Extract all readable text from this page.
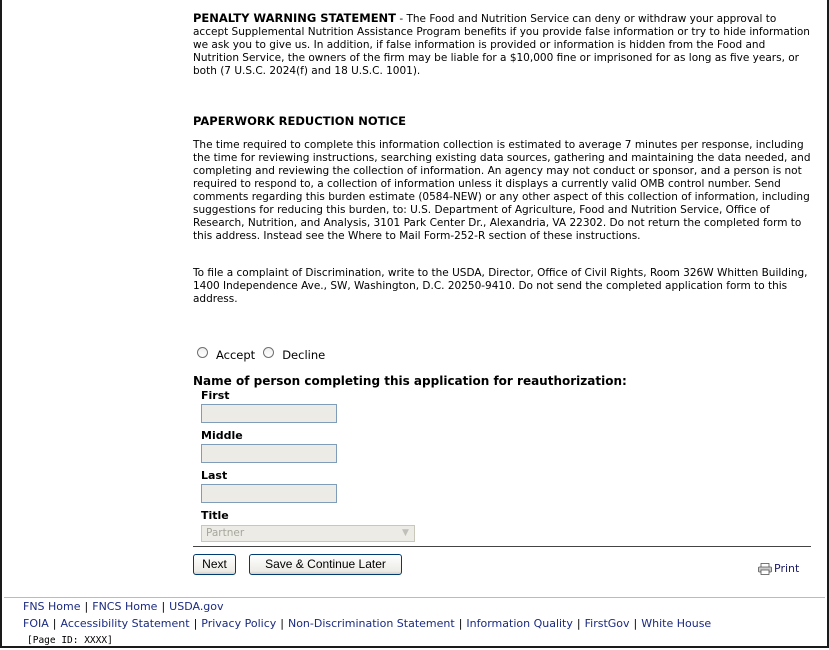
PENALTY WARNING STATEMENT - The Food and Nutrition Service can deny or withdraw your approval to accept Supplemental Nutrition Assistance Program benefits if you provide false information or try to hide information we ask you to give us. In addition, if false information is provided or information is hidden from the Food and Nutrition Service, the owners of the firm may be liable for a $10,000 fine or imprisoned for as long as five years, or both (7 U.S.C. 2024(f) and 18 U.S.C. 1001).

PAPERWORK REDUCTION NOTICE

The time required to complete this information collection is estimated to average 7 minutes per response, including the time for reviewing instructions, searching existing data sources, gathering and maintaining the data needed, and completing and reviewing the collection of information. An agency may not conduct or sponsor, and a person is not required to respond to, a collection of information unless it displays a currently valid OMB control number. Send comments regarding this burden estimate (0584-NEW) or any other aspect of this collection of information, including suggestions for reducing this burden, to: U.S. Department of Agriculture, Food and Nutrition Service, Office of Research, Nutrition, and Analysis, 3101 Park Center Dr., Alexandria, VA 22302. Do not return the completed form to this address. Instead see the Where to Mail Form-252-R section of these instructions.

To file a complaint of Discrimination, write to the USDA, Director, Office of Civil Rights, Room 326W Whitten Building, 1400 Independence Ave., SW, Washington, D.C. 20250-9410. Do not send the completed application form to this address.

Accept Decline
Name of person completing this application for reauthorization:
First
Middle
Last
Title
Partner	▼
Next	Save & Continue Later	Print
FNS Home | FNCS Home | USDA.gov
FOIA | Accessibility Statement | Privacy Policy | Non-Discrimination Statement | Information Quality | FirstGov | White House
[Page ID: XXXX]
